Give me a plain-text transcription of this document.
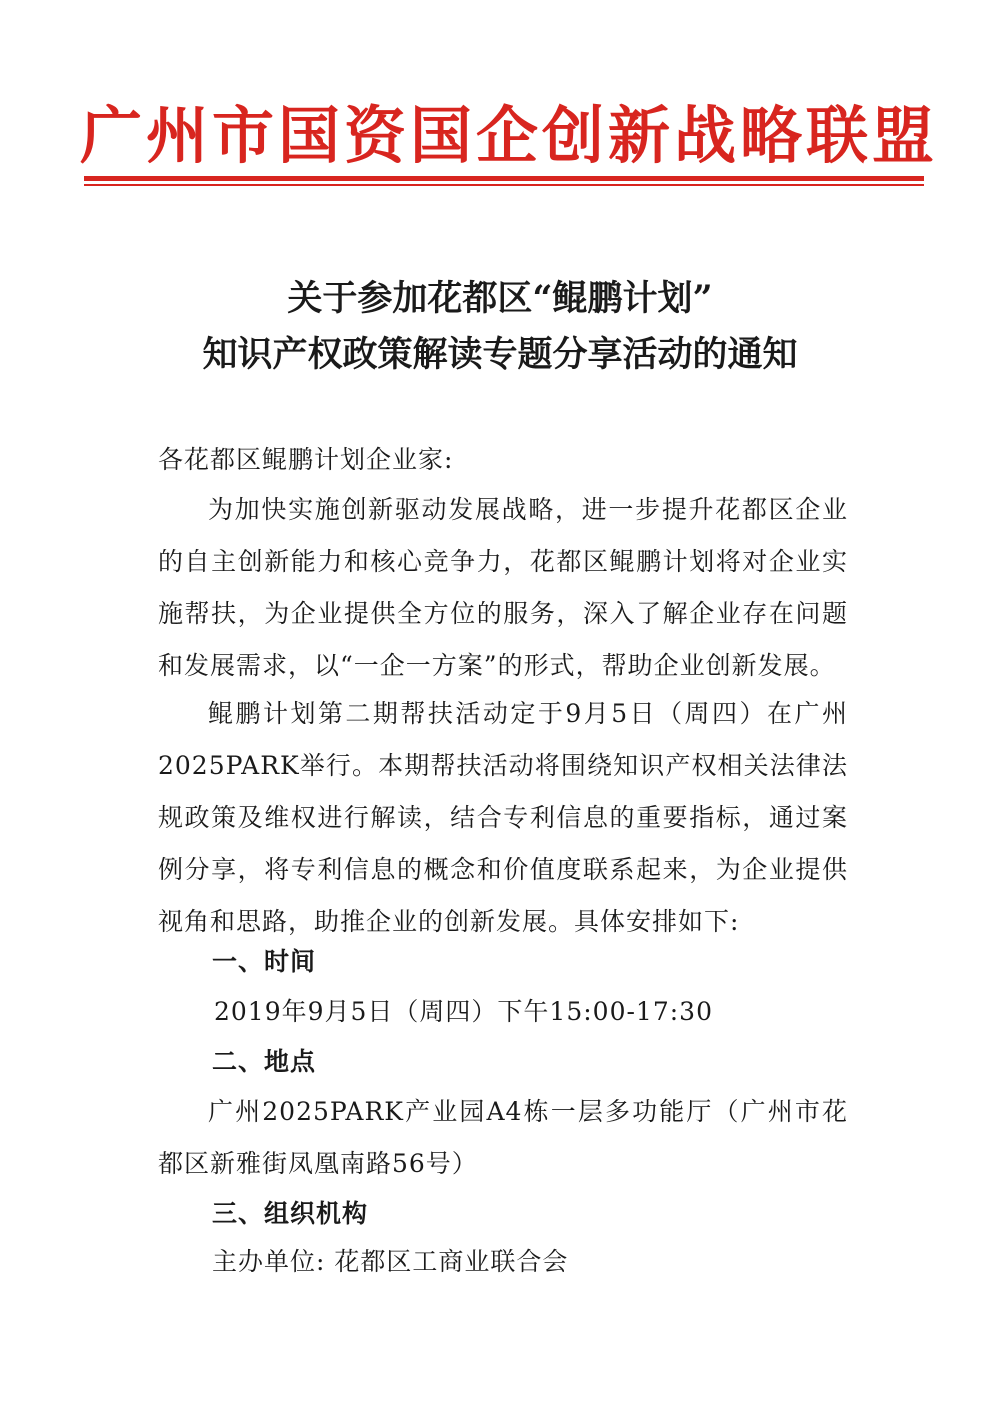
广州市国资国企创新战略联盟
关于参加花都区“鲲鹏计划”
知识产权政策解读专题分享活动的通知
各花都区鲲鹏计划企业家:

为加快实施创新驱动发展战略，进一步提升花都区企业的自主创新能力和核心竞争力，花都区鲲鹏计划将对企业实施帮扶，为企业提供全方位的服务，深入了解企业存在问题和发展需求，以“一企一方案”的形式，帮助企业创新发展。

鲲鹏计划第二期帮扶活动定于9月5日（周四）在广州2025PARK举行。本期帮扶活动将围绕知识产权相关法律法规政策及维权进行解读，结合专利信息的重要指标，通过案例分享，将专利信息的概念和价值度联系起来，为企业提供视角和思路，助推企业的创新发展。具体安排如下:

一、时间
2019年9月5日（周四）下午15:00-17:30
二、地点

广州2025PARK产业园A4栋一层多功能厅（广州市花都区新雅街凤凰南路56号）

三、组织机构
主办单位: 花都区工商业联合会
